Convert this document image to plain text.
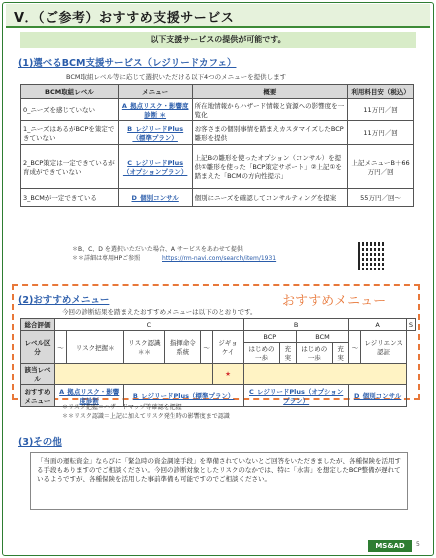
Ⅴ．（ご参考）おすすめ支援サービス
以下支援サービスの提供が可能です。
(1)選べるBCM支援サービス（レジリードカフェ）
BCM取組レベル等に応じて選択いただける以下4つのメニューを提供します
BCM取組レベル	メニュー	概要	利用料目安（税込）
0_ニーズを感じていない	A_拠点リスク・影響度診断 ＊	所在地情報からハザード情報と資源への影響度を一覧化	11万円／回
1_ニーズはあるがBCPを策定できていない	B_レジリードPlus（標準プラン）	お客さまの個別事情を踏まえカスタマイズしたBCP雛形を提供	11万円／回
2_BCP策定は一定できているが育成ができていない	C_レジリードPlus（オプションプラン）	上記Bの雛形を使ったオプション（コンサル）を提供①雛形を使った「BCP策定サポート」②上記①を踏まえた「BCMの方向性提示」	上記メニューB＋66万円／回
3_BCMが一定できている	D_個別コンサル	個別にニーズを確認してコンサルティングを提案	55万円／回〜
＊B、C、D を選択いただいた場合、A サービスをあわせて提供
＊＊詳細は専用HPご参照	https://rm-navi.com/search/item/1931
(2)おすすめメニュー	おすすめメニュー
今回の診断結果を踏まえたおすすめメニューは以下のとおりです。
総合評価	C						B				A		S
レベル区分	〜	リスク把握＊	リスク認識＊＊	指揮命令系統	〜	ジギョケイ	BCP		BCM		〜	レジリエンス認証	
							はじめの一歩	充実	はじめの一歩	充実			
該当レベル						★							
おすすめメニュー	A_拠点リスク・影響度診断		B_レジリードPlus（標準プラン）				C_レジリードPlus（オプションプラン）				D_個別コンサル		
＊リスク把握＝ハザードマップ等確認を把握
＊＊リスク認識＝上記に加えてリスク発生時の影響度まで認識
(3)その他
「当面の運転資金」ならびに「緊急時の資金調達手段」を準備されていないとご回答をいただきましたが、各種保険を活用する手段もありますのでご相談ください。今回の診断対象としたリスクのなかでは、特に「水害」を想定したBCP整備が遅れているようですが、各種保険を活用した事前準備も可能ですのでご相談ください。
MS&AD	5
